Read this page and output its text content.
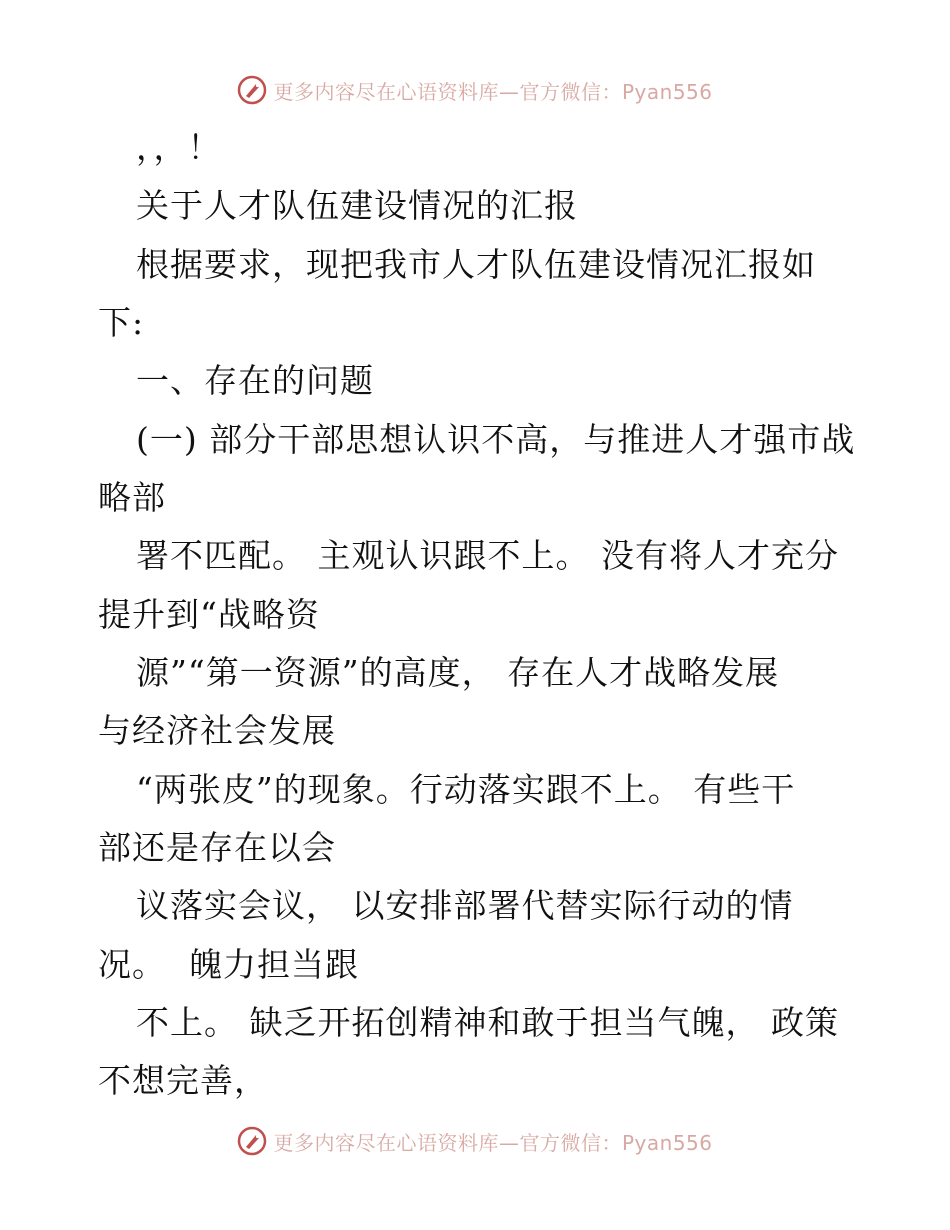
更多内容尽在心语资料库—官方微信：Pyan556
，，！
关于人才队伍建设情况的汇报
根据要求，现把我市人才队伍建设情况汇报如
下:
一、存在的问题
(一) 部分干部思想认识不高，与推进人才强市战
略部
署不匹配。 主观认识跟不上。 没有将人才充分
提升到“战略资
源”“第一资源”的高度， 存在人才战略发展
与经济社会发展
“两张皮”的现象。行动落实跟不上。 有些干
部还是存在以会
议落实会议， 以安排部署代替实际行动的情
况。  魄力担当跟
不上。 缺乏开拓创精神和敢于担当气魄， 政策
不想完善，
更多内容尽在心语资料库—官方微信：Pyan556
